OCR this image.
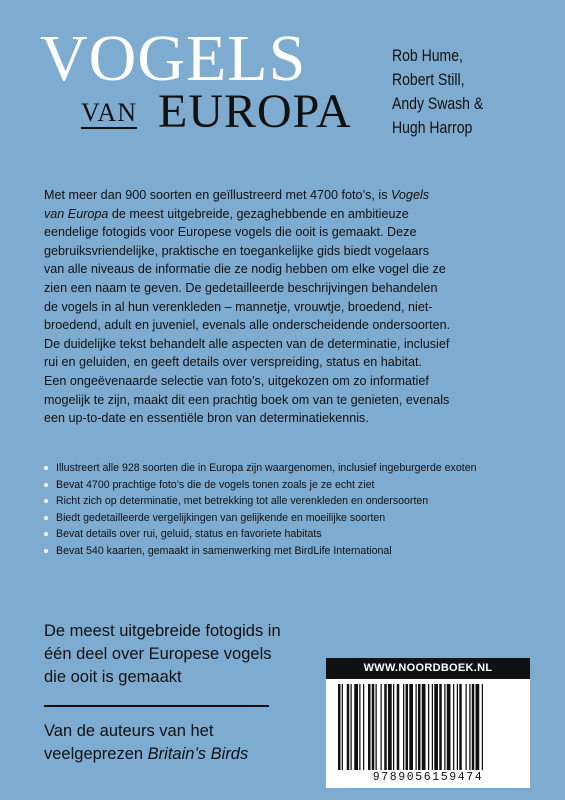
VOGELS
VAN EUROPA
Rob Hume,
Robert Still,
Andy Swash &
Hugh Harrop
Met meer dan 900 soorten en geïllustreerd met 4700 foto’s, is Vogels
van Europa de meest uitgebreide, gezaghebbende en ambitieuze
eendelige fotogids voor Europese vogels die ooit is gemaakt. Deze
gebruiksvriendelijke, praktische en toegankelijke gids biedt vogelaars
van alle niveaus de informatie die ze nodig hebben om elke vogel die ze
zien een naam te geven. De gedetailleerde beschrijvingen behandelen
de vogels in al hun verenkleden – mannetje, vrouwtje, broedend, niet-
broedend, adult en juveniel, evenals alle onderscheidende ondersoorten.
De duidelijke tekst behandelt alle aspecten van de determinatie, inclusief
rui en geluiden, en geeft details over verspreiding, status en habitat.
Een ongeëvenaarde selectie van foto’s, uitgekozen om zo informatief
mogelijk te zijn, maakt dit een prachtig boek om van te genieten, evenals
een up-to-date en essentiële bron van determinatiekennis.
Illustreert alle 928 soorten die in Europa zijn waargenomen, inclusief ingeburgerde exoten
Bevat 4700 prachtige foto’s die de vogels tonen zoals je ze echt ziet
Richt zich op determinatie, met betrekking tot alle verenkleden en ondersoorten
Biedt gedetailleerde vergelijkingen van gelijkende en moeilijke soorten
Bevat details over rui, geluid, status en favoriete habitats
Bevat 540 kaarten, gemaakt in samenwerking met BirdLife International
De meest uitgebreide fotogids in
één deel over Europese vogels
die ooit is gemaakt
Van de auteurs van het
veelgeprezen Britain’s Birds
WWW.NOORDBOEK.NL
9789056159474
